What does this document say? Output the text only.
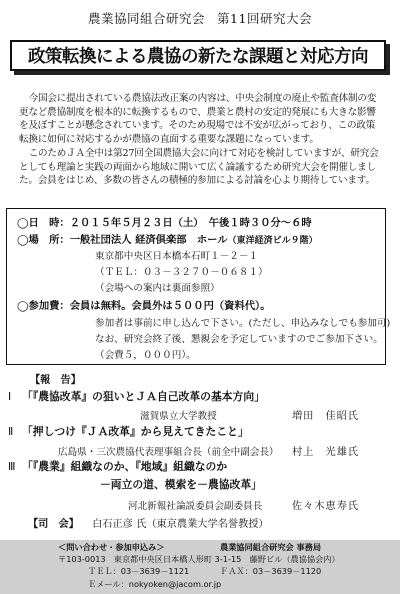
農業協同組合研究会 第11回研究大会
政策転換による農協の新たな課題と対応方向

今国会に提出されている農協法改正案の内容は、中央会制度の廃止や監査体制の変更など農協制度を根本的に転換するもので、農業と農村の安定的発展にも大きな影響を及ぼすことが懸念されています。そのため現場では不安が広がっており、この政策転換に如何に対応するかが農協の直面する重要な課題になっています。

このためＪＡ全中は第27回全国農協大会に向けて対応を検討していますが、研究会としても理論と実践の両面から地域に開いて広く論議するため研究大会を開催しました。会員をはじめ、多数の皆さんの積極的参加による討論を心より期待しています。

◯日　時：２０１５年５月２３日（土）　午後１時３０分～６時
◯場　所：一般社団法人 経済倶楽部　ホール（東洋経済ビル９階）
東京都中央区日本橋本石町１－２－１
（ＴＥＬ：０３－３２７０－０６８１）
（会場への案内は裏面参照）
◯参加費：会員は無料。会員外は５００円（資料代）。
参加者は事前に申し込んで下さい。(ただし、申込みなしでも参加可)
なお、研究会終了後、懇親会を予定していますのでご参加下さい。
（会費５，０００円）。
【報　告】
Ⅰ 「『農協改革』の狙いとＪＡ自己改革の基本方向」
滋賀県立大学教授	増田　佳昭氏
Ⅱ 「押しつけ『ＪＡ改革』から見えてきたこと」
広島県・三次農協代表理事組合長（前全中副会長） 村上　光雄氏
Ⅲ 「『農業』組織なのか、『地域』組織なのか
－両立の道、模索を－農協改革」
河北新報社論説委員会副委員長	佐々木恵寿氏
【司　会】 白石正彦 氏（東京農業大学名誉教授）
＜問い合わせ・参加申込み＞	農業協同組合研究会 事務局
〒103-0013　東京都中央区日本橋人形町 3-1-15　藤野ビル（農協協会内）
ＴＥＬ：03－3639－1121	ＦＡＸ：03－3639－1120
Ｅメール：nokyoken@jacom.or.jp
